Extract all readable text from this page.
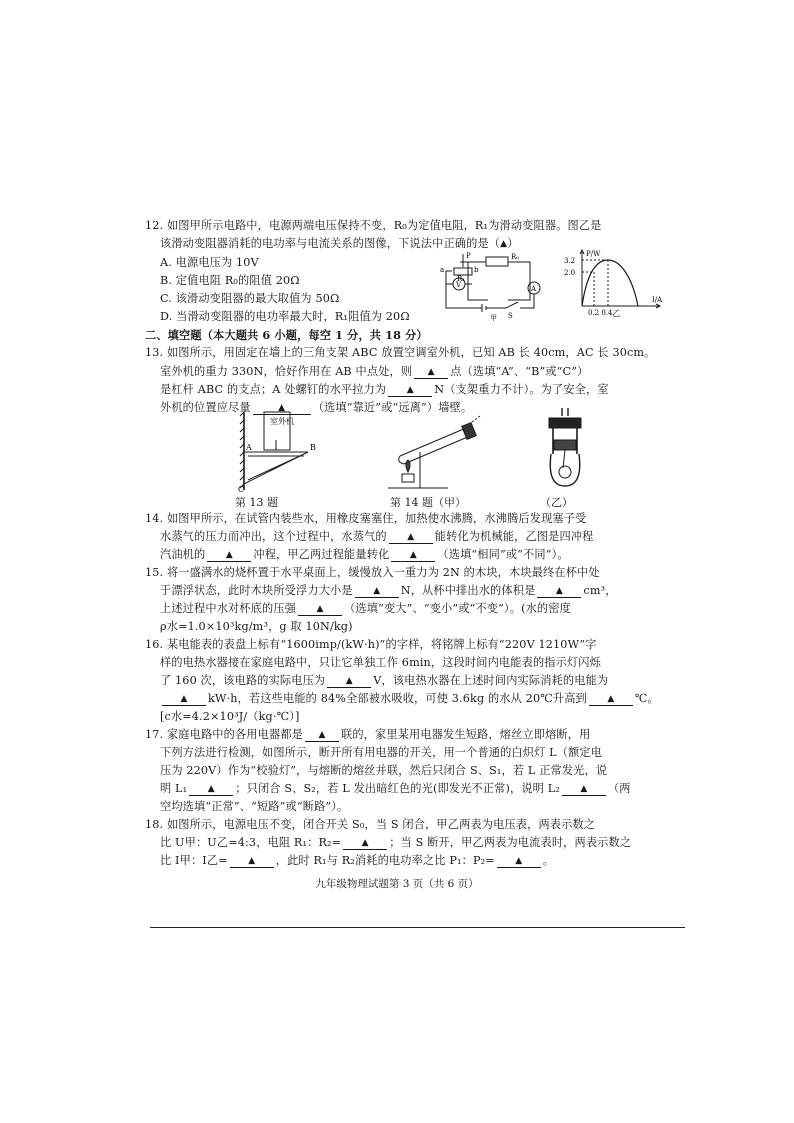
12. 如图甲所示电路中，电源两端电压保持不变，R₀为定值电阻，R₁为滑动变阻器。图乙是
该滑动变阻器消耗的电功率与电流关系的图像，下说法中正确的是（▲）
A. 电源电压为 10V
B. 定值电阻 R₀的阻值 20Ω
C. 该滑动变阻器的最大取值为 50Ω
D. 当滑动变阻器的电功率最大时，R₁阻值为 20Ω
P	R₀
R₁
a	b
V	A
S
甲
P/W
3.2
2.0
I/A
0.2 0.4 乙
二、填空题（本大题共 6 小题，每空 1 分，共 18 分）
13. 如图所示，用固定在墙上的三角支架 ABC 放置空调室外机，已知 AB 长 40cm，AC 长 30cm。
室外机的重力 330N，恰好作用在 AB 中点处，则 ▲ 点（选填“A”、“B”或“C”）
是杠杆 ABC 的支点；A 处螺钉的水平拉力为 ▲ N（支架重力不计）。为了安全，室
外机的位置应尽量	▲ （选填“靠近”或“远离”）墙壁。
室外机
A	B
C
第 13 题	第 14 题（甲）	（乙）
14. 如图甲所示，在试管内装些水，用橡皮塞塞住，加热使水沸腾，水沸腾后发现塞子受
水蒸气的压力而冲出，这个过程中，水蒸气的 ▲ 能转化为机械能，乙图是四冲程
汽油机的 ▲ 冲程，甲乙两过程能量转化 ▲ （选填“相同”或“不同”）。
15. 将一盛满水的烧杯置于水平桌面上，缓慢放入一重力为 2N 的木块，木块最终在杯中处
于漂浮状态，此时木块所受浮力大小是 ▲ N，从杯中排出水的体积是 ▲ cm³，
上述过程中水对杯底的压强 ▲ （选填“变大”、“变小”或“不变”）。(水的密度
ρ水=1.0×10³kg/m³，g 取 10N/kg)
16. 某电能表的表盘上标有“1600imp/(kW·h)”的字样，将铭牌上标有“220V 1210W”字
样的电热水器接在家庭电路中，只让它单独工作 6min，这段时间内电能表的指示灯闪烁
了 160 次，该电路的实际电压为 ▲ V，该电热水器在上述时间内实际消耗的电能为
▲ kW·h，若这些电能的 84%全部被水吸收，可使 3.6kg 的水从 20℃升高到 ▲ ℃。
[c水=4.2×10³J/（kg·℃）]
17. 家庭电路中的各用电器都是 ▲ 联的，家里某用电器发生短路，熔丝立即熔断，用
下列方法进行检测，如图所示，断开所有用电器的开关，用一个普通的白炽灯 L（额定电
压为 220V）作为“校验灯”，与熔断的熔丝并联，然后只闭合 S、S₁，若 L 正常发光，说
明 L₁ ▲ ；只闭合 S、S₂，若 L 发出暗红色的光(即发光不正常)，说明 L₂ ▲ （两
空均选填“正常”、“短路”或“断路”）。
18. 如图所示，电源电压不变，闭合开关 S₀，当 S 闭合，甲乙两表为电压表，两表示数之
比 U甲：U乙=4:3，电阻 R₁：R₂= ▲ ；当 S 断开，甲乙两表为电流表时，两表示数之
比 I甲：I乙= ▲ ，此时 R₁与 R₂消耗的电功率之比 P₁：P₂= ▲ 。
九年级物理试题第 3 页（共 6 页）
